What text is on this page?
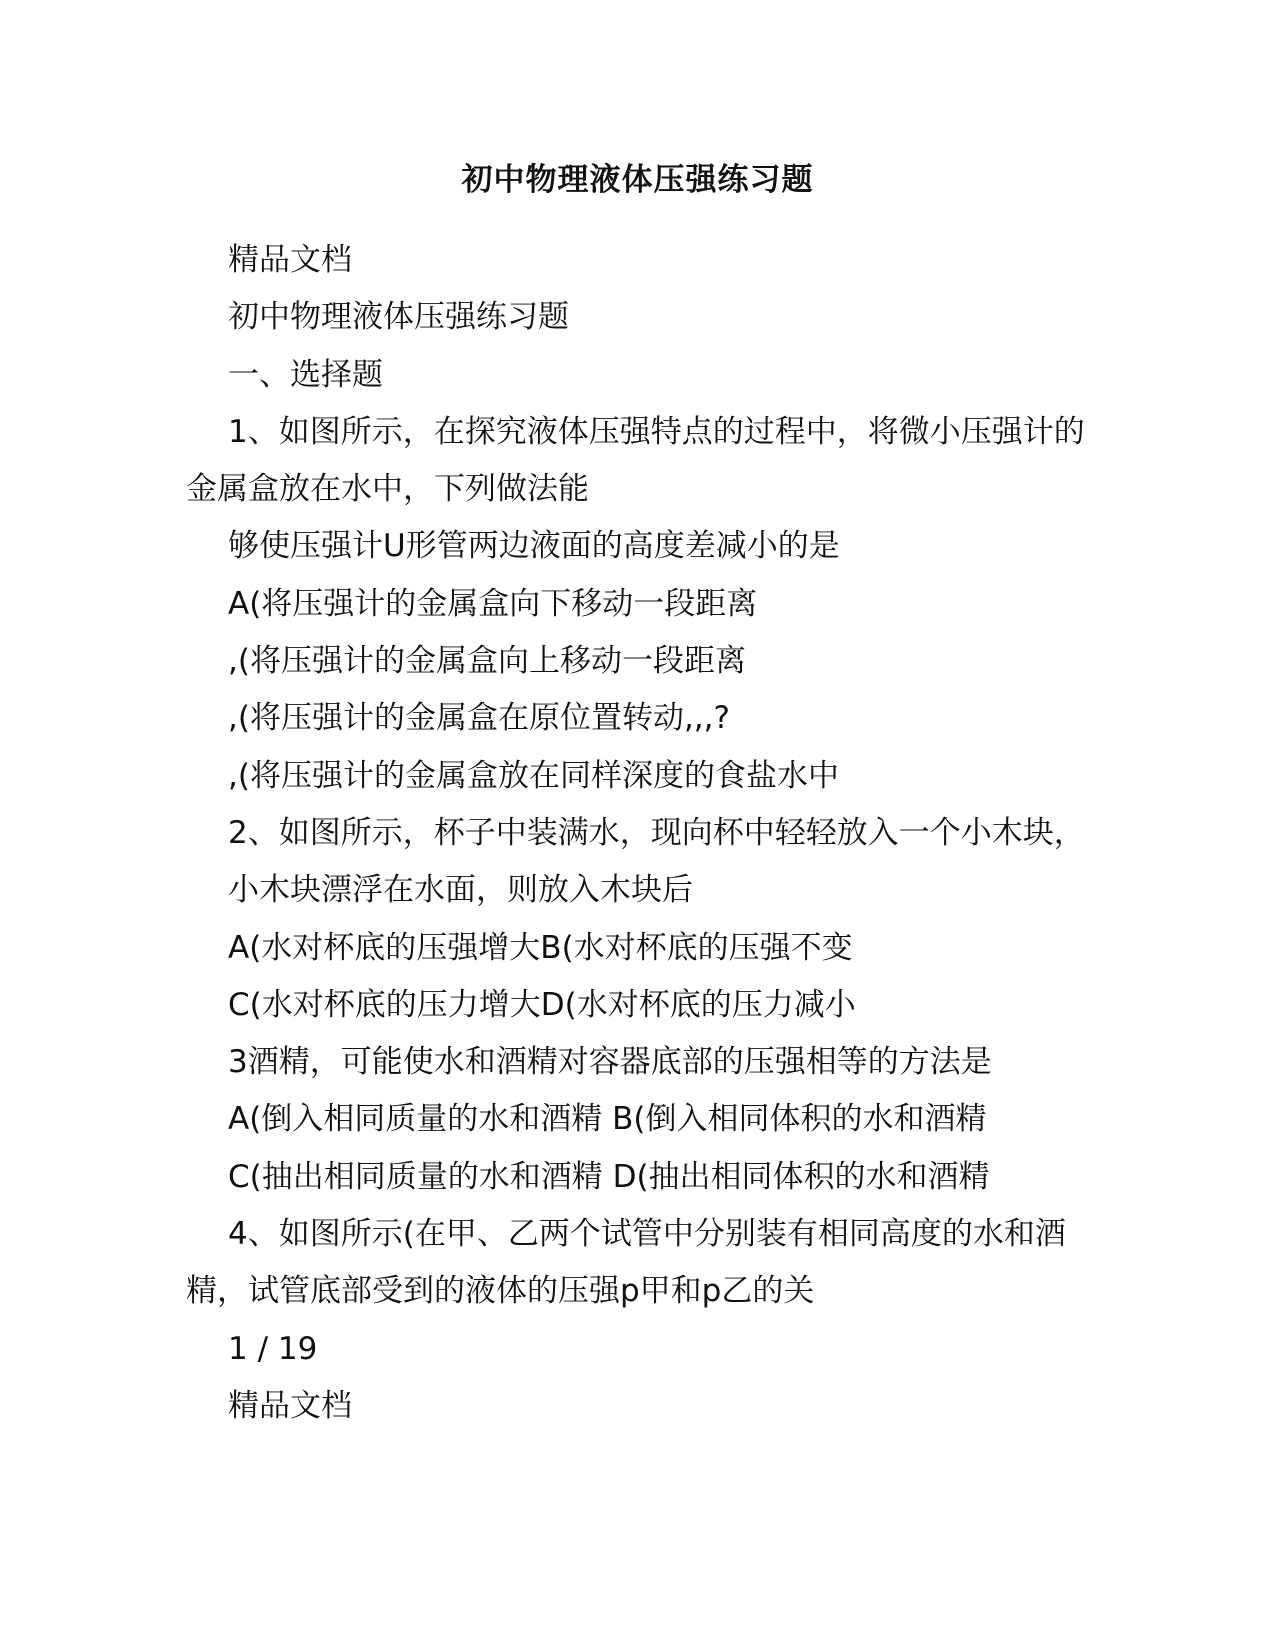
初中物理液体压强练习题

精品文档

初中物理液体压强练习题

一、选择题

1、如图所示，在探究液体压强特点的过程中，将微小压强计的金属盒放在水中，下列做法能

够使压强计U形管两边液面的高度差减小的是

A(将压强计的金属盒向下移动一段距离

,(将压强计的金属盒向上移动一段距离

,(将压强计的金属盒在原位置转动,,,?

,(将压强计的金属盒放在同样深度的食盐水中

2、如图所示，杯子中装满水，现向杯中轻轻放入一个小木块，

小木块漂浮在水面，则放入木块后

A(水对杯底的压强增大B(水对杯底的压强不变

C(水对杯底的压力增大D(水对杯底的压力减小

3酒精，可能使水和酒精对容器底部的压强相等的方法是

A(倒入相同质量的水和酒精 B(倒入相同体积的水和酒精

C(抽出相同质量的水和酒精 D(抽出相同体积的水和酒精

4、如图所示(在甲、乙两个试管中分别装有相同高度的水和酒精，试管底部受到的液体的压强p甲和p乙的关

1 / 19

精品文档
